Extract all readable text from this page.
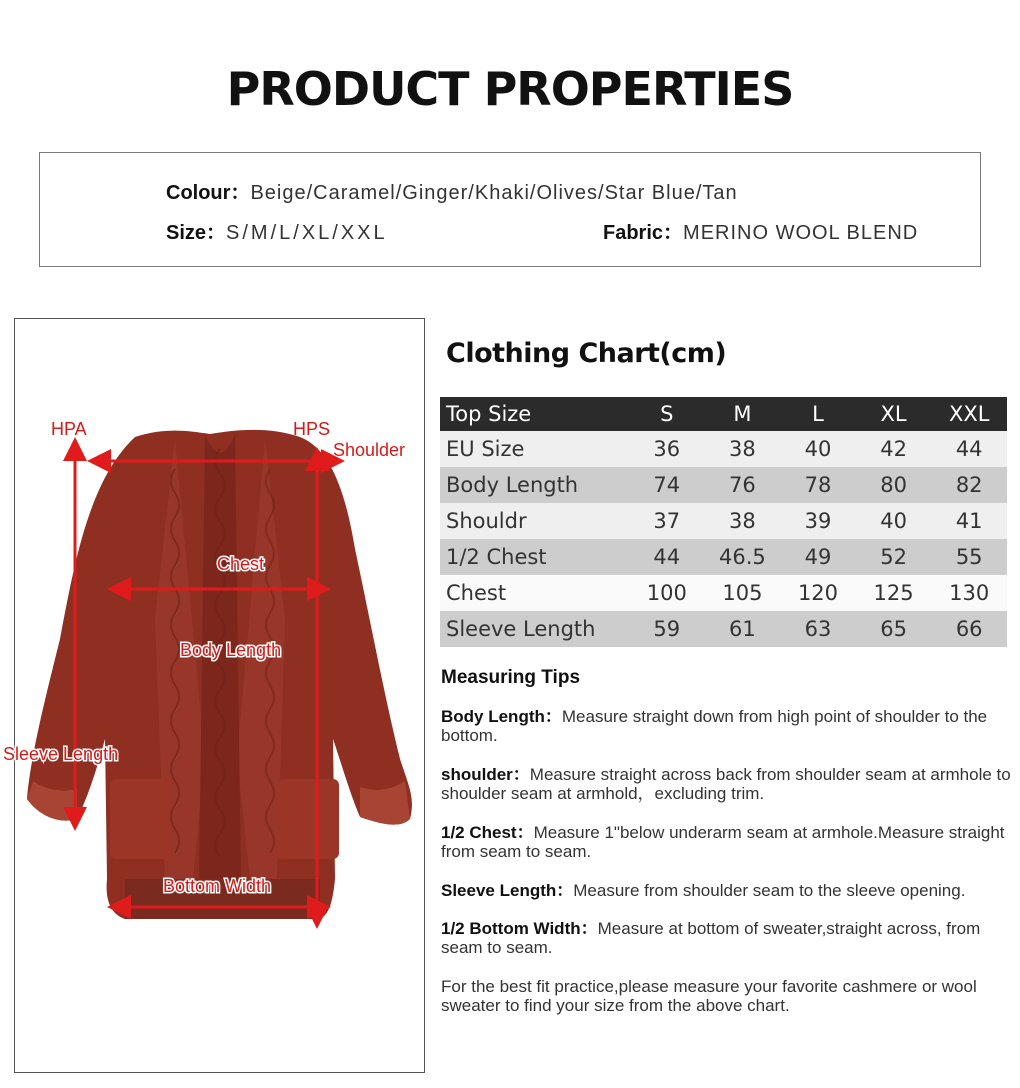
PRODUCT PROPERTIES
Colour：Beige/Caramel/Ginger/Khaki/Olives/Star Blue/Tan
Size：S/M/L/XL/XXL	Fabric：MERINO WOOL BLEND
HPA	HPS
Shoulder
Chest
Body Length
Sleeve Length
Bottom Width
Clothing Chart(cm)
Top Size	S	M	L	XL	XXL
EU Size	36	38	40	42	44
Body Length	74	76	78	80	82
Shouldr	37	38	39	40	41
1/2 Chest	44	46.5	49	52	55
Chest	100	105	120	125	130
Sleeve Length	59	61	63	65	66
Measuring Tips
Body Length：Measure straight down from high point of shoulder to the bottom.
shoulder：Measure straight across back from shoulder seam at armhole to shoulder seam at armhold，excluding trim.
1/2 Chest：Measure 1"below underarm seam at armhole.Measure straight from seam to seam.
Sleeve Length：Measure from shoulder seam to the sleeve opening.
1/2 Bottom Width：Measure at bottom of sweater,straight across, from seam to seam.
For the best fit practice,please measure your favorite cashmere or wool sweater to find your size from the above chart.
